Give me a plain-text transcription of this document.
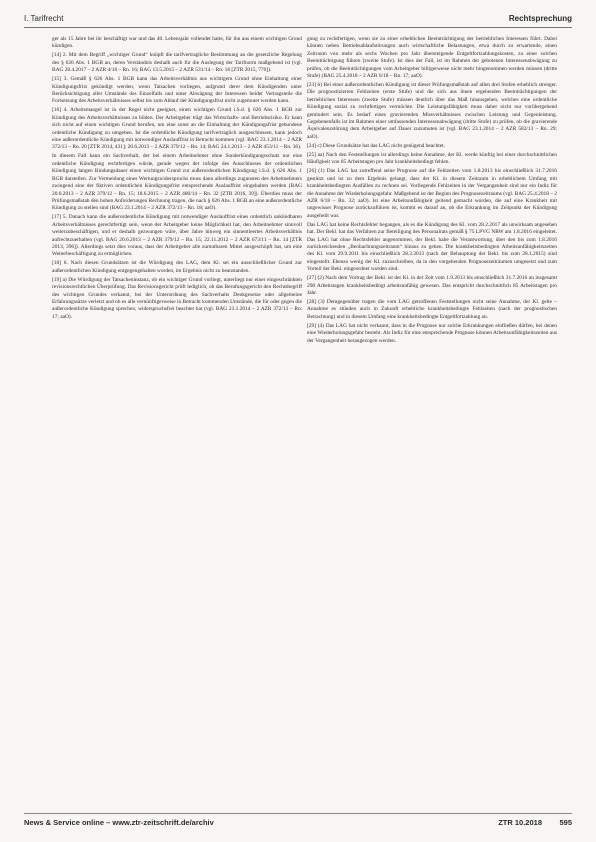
I. Tarifrecht	Rechtsprechung

ger als 15 Jahre bei ihr beschäftigt war und das 40. Lebensjahr vollendet hatte, für ihn aus einem wichtigen Grund kündigen.

[14] 2. Mit dem Begriff „wichtiger Grund“ knüpft die tarifvertragliche Bestimmung an die gesetzliche Regelung des § 626 Abs. 1 BGB an, deren Verständnis deshalb auch für die Auslegung der Tarifnorm maßgebend ist (vgl. BAG 28.4.2017 – 2 AZR 4/16 – Rn. 16; BAG 13.5.2015 – 2 AZR 531/14 – Rn. 18 [ZTR 2015, 770]).

[15] 3. Gemäß § 626 Abs. 1 BGB kann das Arbeitsverhältnis aus wichtigem Grund ohne Einhaltung einer Kündigungsfrist gekündigt werden, wenn Tatsachen vorliegen, aufgrund derer dem Kündigenden unter Berücksichtigung aller Umstände des Einzelfalls und unter Abwägung der Interessen beider Vertragsteile die Fortsetzung des Arbeitsverhältnisses selbst bis zum Ablauf der Kündigungsfrist nicht zugemutet werden kann.

[16] 4. Arbeitsmangel ist in der Regel nicht geeignet, einen wichtigen Grund i.S.d. § 626 Abs. 1 BGB zur Kündigung des Arbeitsverhältnisses zu bilden. Der Arbeitgeber trägt das Wirtschafts- und Betriebsrisiko. Er kann sich nicht auf einen wichtigen Grund berufen, um eine sonst an die Einhaltung der Kündigungsfrist gebundene ordentliche Kündigung zu umgehen. Ist die ordentliche Kündigung tarifvertraglich ausgeschlossen, kann jedoch eine außerordentliche Kündigung mit notwendiger Auslauffrist in Betracht kommen (vgl. BAG 23.1.2014 – 2 AZR 372/13 – Rn. 20 [ZTR 2014, 431]; 20.6.2013 – 2 AZR 379/12 – Rn. 14; BAG 24.1.2013 – 2 AZR 453/11 – Rn. 36).

In diesem Fall kann ein Sachverhalt, der bei einem Arbeitnehmer ohne Sonderkündigungsschutz nur eine ordentliche Kündigung rechtfertigen würde, gerade wegen der infolge des Ausschlusses der ordentlichen Kündigung langen Bindungsdauer einen wichtigen Grund zur außerordentlichen Kündigung i.S.d. § 626 Abs. 1 BGB darstellen. Zur Vermeidung eines Wertungswiderspruchs muss dann allerdings zugunsten des Arbeitnehmers zwingend eine der fiktiven ordentlichen Kündigungsfrist entsprechende Auslauffrist eingehalten werden (BAG 20.6.2013 – 2 AZR 379/12 – Rn. 15; 18.6.2015 – 2 AZR 480/14 – Rn. 32 [ZTR 2016, 39]). Überdies muss der Prüfungsmaßstab den hohen Anforderungen Rechnung tragen, die nach § 626 Abs. 1 BGB an eine außerordentliche Kündigung zu stellen sind (BAG 23.1.2014 – 2 AZR 372/13 – Rn. 18; aaO).

[17] 5. Danach kann die außerordentliche Kündigung mit notwendiger Auslauffrist eines ordentlich unkündbaren Arbeitsverhältnisses gerechtfertigt sein, wenn der Arbeitgeber keine Möglichkeit hat, den Arbeitnehmer sinnvoll weiterzubeschäftigen, und er deshalb gezwungen wäre, über Jahre hinweg ein sinnentleertes Arbeitsverhältnis aufrechtzuerhalten (vgl. BAG 20.6.2013 – 2 AZR 379/12 – Rn. 15; 22.11.2012 – 2 AZR 673/11 – Rn. 14 [ZTR 2013, 396]). Allerdings setzt dies voraus, dass der Arbeitgeber alle zumutbaren Mittel ausgeschöpft hat, um eine Weiterbeschäftigung zu ermöglichen.

[18] 6. Nach diesen Grundsätzen ist die Würdigung des LAG, dem Kl. sei ein ausschließlicher Grund zur außerordentlichen Kündigung entgegengehalten worden, im Ergebnis nicht zu beanstanden.

[19] a) Die Würdigung der Tatsacheninstanz, ob ein wichtiger Grund vorliegt, unterliegt nur einer eingeschränkten revisionsrechtlichen Überprüfung. Das Revisionsgericht prüft lediglich, ob das Berufungsgericht den Rechtsbegriff des wichtigen Grundes verkannt, bei der Unterordnung des Sachverhalts Denkgesetze oder allgemeine Erfahrungssätze verletzt und ob es alle vernünftigerweise in Betracht kommenden Umstände, die für oder gegen die außerordentliche Kündigung sprechen, widerspruchsfrei beachtet hat (vgl. BAG 23.1.2014 – 2 AZR 372/13 – Rn. 17; aaO).

gung zu rechtfertigen, wenn sie zu einer erheblichen Beeinträchtigung der betrieblichen Interessen führt. Dabei können neben Betriebsablaufstörungen auch wirtschaftliche Belastungen, etwa durch zu erwartende, einen Zeitraum von mehr als sechs Wochen pro Jahr übersteigende Entgeltfortzahlungskosten, zu einer solchen Beeinträchtigung führen (zweite Stufe). Ist dies der Fall, ist im Rahmen der gebotenen Interessenabwägung zu prüfen, ob die Beeinträchtigungen vom Arbeitgeber billigerweise nicht mehr hingenommen werden müssen (dritte Stufe) (BAG 25.4.2018 – 2 AZR 6/18 – Rn. 17; aaO).

[23] b) Bei einer außerordentlichen Kündigung ist dieser Prüfungsmaßstab auf allen drei Stufen erheblich strenger. Die prognostizierten Fehlzeiten (erste Stufe) und die sich aus ihnen ergebenden Beeinträchtigungen der betrieblichen Interessen (zweite Stufe) müssen deutlich über das Maß hinausgehen, welches eine ordentliche Kündigung sozial zu rechtfertigen vermöchte. Die Leistungsfähigkeit muss daher nicht nur vorübergehend gemindert sein. Es bedarf eines gravierenden Missverhältnisses zwischen Leistung und Gegenleistung. Gegebenenfalls ist im Rahmen einer umfassenden Interessenabwägung (dritte Stufe) zu prüfen, ob die gravierende Äquivalenzstörung dem Arbeitgeber auf Dauer zuzumuten ist (vgl. BAG 23.1.2014 – 2 AZR 582/13 – Rn. 29; aaO).

[24] c) Diese Grundsätze hat das LAG nicht genügend beachtet.

[25] aa) Nach den Feststellungen ist allerdings keine Annahme, der Kl. werde künftig bei einer durchschnittlichen Häufigkeit von 85 Arbeitstagen pro Jahr krankheitsbedingt fehlen.

[26] (1) Das LAG hat zutreffend seine Prognose auf die Fehlzeiten vom 1.8.2013 bis einschließlich 31.7.2016 gestützt und ist zu dem Ergebnis gelangt, dass der Kl. in diesem Zeitraum in erheblichem Umfang mit krankheitsbedingten Ausfällen zu rechnen sei. Vorliegende Fehlzeiten in der Vergangenheit sind nur ein Indiz für die Annahme der Wiederholungsgefahr. Maßgebend ist der Beginn des Prognosezeitraums (vgl. BAG 25.4.2018 – 2 AZR 6/18 – Rn. 32; aaO). Ist eine Arbeitsunfähigkeit geltend gemacht worden, die auf eine Krankheit mit ungewisser Prognose zurückzuführen ist, kommt es darauf an, ob die Erkrankung im Zeitpunkt der Kündigung ausgeheilt war.

Das LAG hat keine Rechtsfehler begangen, als es die Kündigung des Kl. vom 28.2.2017 als unwirksam angesehen hat. Der Bekl. hat das Verfahren zur Beteiligung des Personalrats gemäß § 75 LPVG NRW am 1.8.2016 eingeleitet. Das LAG hat ohne Rechtsfehler angenommen, der Bekl. habe die Verantwortung, über den bis zum 1.8.2016 zurückreichenden „Beobachtungszeitraum“ hinaus zu gehen. Die krankheitsbedingten Arbeitsunfähigkeitszeiten des Kl. vom 29.9.2011 bis einschließlich 28.3.2013 (nach der Behauptung der Bekl. bis zum 28.1.2015) sind eingestellt. Ebenso wenig der Kl. zuzuschreiben, da in den vorgehenden Prognosezeiträumen umgesetzt und zum Vorteil der Bekl. eingeordnet worden sind.

[27] (2) Nach dem Vortrag der Bekl. ist der Kl. in der Zeit vom 1.9.2013 bis einschließlich 31.7.2016 an insgesamt 298 Arbeitstagen krankheitsbedingt arbeitsunfähig gewesen. Das entspricht durchschnittlich 85 Arbeitstagen pro Jahr.

[28] (3) Demgegenüber tragen die vom LAG getroffenen Feststellungen nicht seine Annahme, der Kl. gelte – Annahme es stünden auch in Zukunft erhebliche krankheitsbedingte Fehlzeiten (nach der prognostischen Betrachtung) und in diesem Umfang eine krankheitsbedingte Entgeltfortzahlung an.

[29] (4) Das LAG hat nicht verkannt, dass in die Prognose nur solche Erkrankungen einfließen dürfen, bei denen eine Wiederholungsgefahr besteht. Als Indiz für eine entsprechende Prognose können Arbeitsunfähigkeitszeiten aus der Vergangenheit herangezogen werden.

News & Service online – www.ztr-zeitschrift.de/archiv	ZTR 10.2018 595
